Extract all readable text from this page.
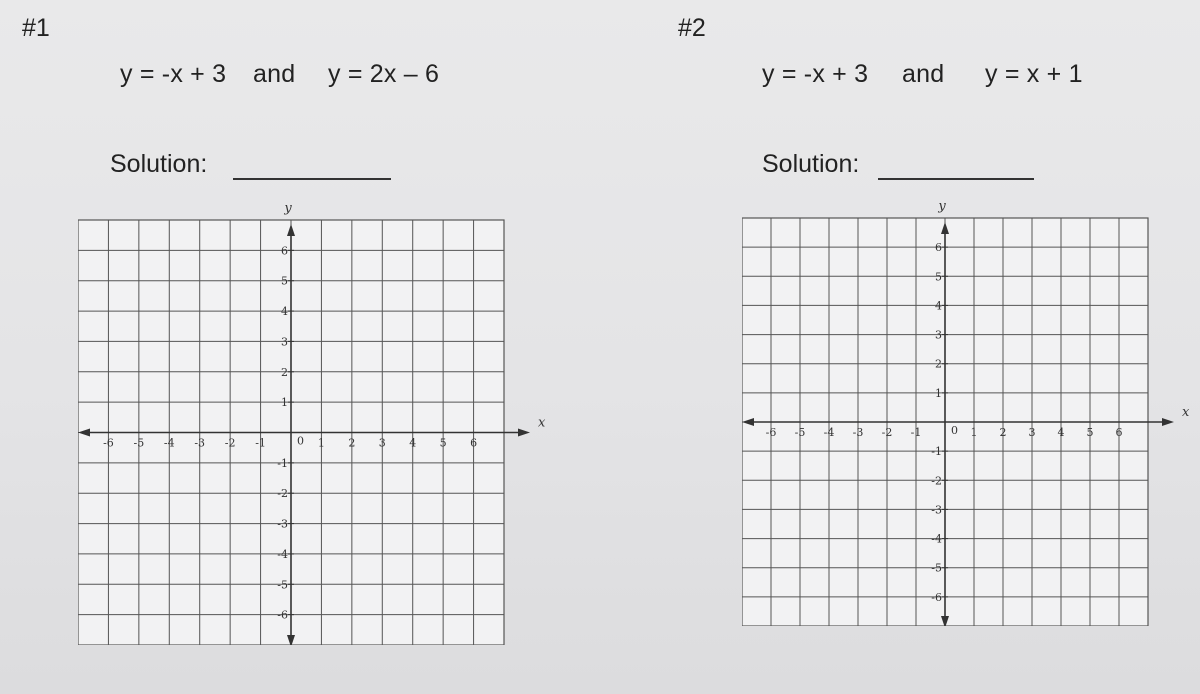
#1
y = -x + 3 and y = 2x – 6
Solution:
-6 -5 -4 -3 -2 -1	1 2 3 4 5 6
0
6
5
4
3
2
1
-1
-2
-3
-4
-5
-6
x
y
#2
y = -x + 3 and y = x + 1
Solution:
-6 -5 -4 -3 -2 -1	1 2 3 4 5 6
0
6
5
4
3
2
1
-1
-2
-3
-4
-5
-6
x
y
